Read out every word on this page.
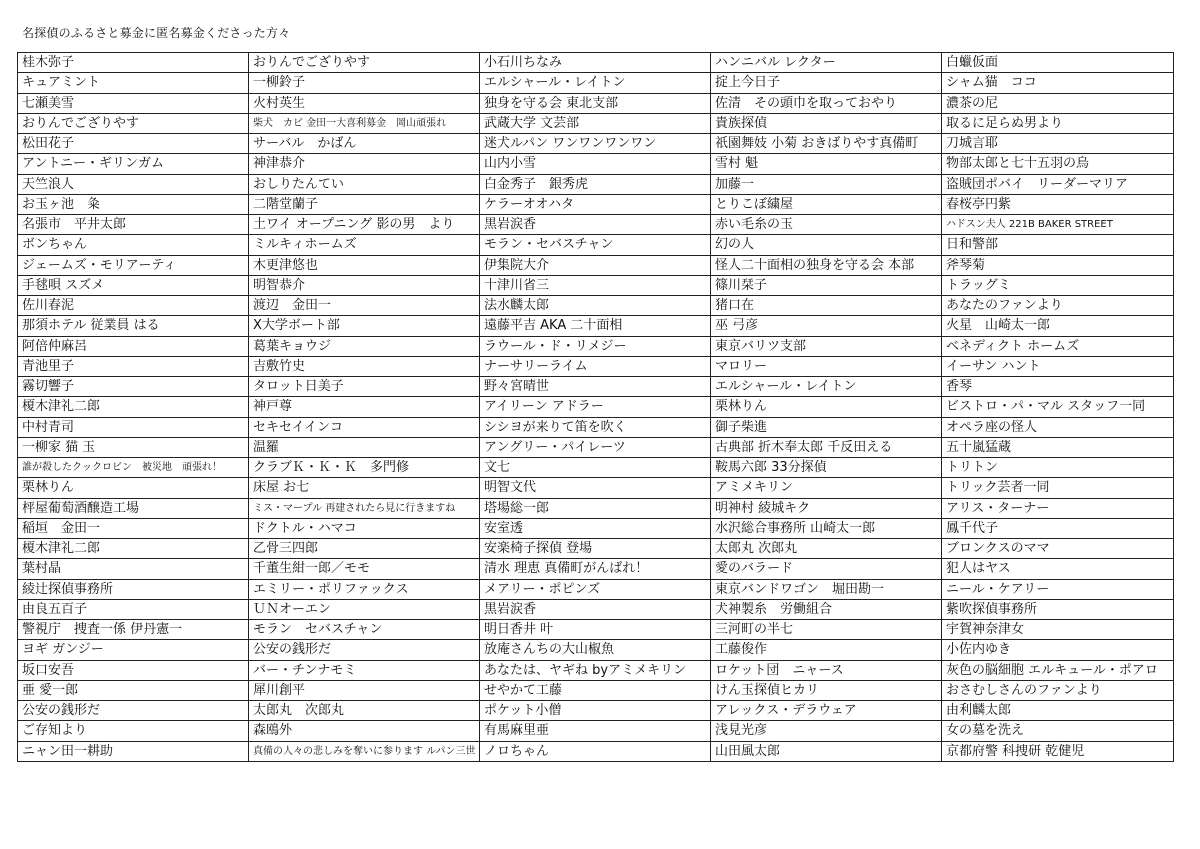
名探偵のふるさと募金に匿名募金くださった方々
桂木弥子	おりんでござりやす	小石川ちなみ	ハンニバル レクター	白蠟仮面
キュアミント	一柳鈴子	エルシャール・レイトン	掟上今日子	シャム猫　ココ
七瀬美雪	火村英生	独身を守る会 東北支部	佐清　その頭巾を取っておやり	濃茶の尼
おりんでござりやす	柴犬　カビ 金田一大喜利募金　岡山頑張れ	武蔵大学 文芸部	貴族探偵	取るに足らぬ男より
松田花子	サーバル　かばん	迷犬ルパン ワンワンワンワン	祇園舞妓 小菊 おきばりやす真備町	刀城言耶
アントニー・ギリンガム	神津恭介	山内小雪	雪村 魁	物部太郎と七十五羽の烏
天竺浪人	おしりたんてい	白金秀子　銀秀虎	加藤一	盗賊団ポバイ　リーダーマリア
お玉ヶ池　粂	二階堂蘭子	ケラーオオハタ	とりこぼ繍屋	春桜亭円紫
名張市　平井太郎	土ワイ オープニング 影の男　より	黒岩涙香	赤い毛糸の玉	ハドスン夫人 221B BAKER STREET
ボンちゃん	ミルキィホームズ	モラン・セバスチャン	幻の人	日和警部
ジェームズ・モリアーティ	木更津悠也	伊集院大介	怪人二十面相の独身を守る会 本部	斧琴菊
手毬唄 スズメ	明智恭介	十津川省三	篠川栞子	トラッグミ
佐川春泥	渡辺　金田一	法水麟太郎	猪口在	あなたのファンより
那須ホテル 従業員 はる	X大学ボート部	遠藤平吉 AKA 二十面相	巫 弓彦	火星　山崎太一郎
阿倍仲麻呂	葛葉キョウジ	ラウール・ド・リメジー	東京バリツ支部	ベネディクト ホームズ
青池里子	吉敷竹史	ナーサリーライム	マロリー	イーサン ハント
霧切響子	タロット日美子	野々宮晴世	エルシャール・レイトン	香琴
榎木津礼二郎	神戸尊	アイリーン アドラー	栗林りん	ビストロ・パ・マル スタッフ一同
中村青司	セキセイインコ	シシヨが来りて笛を吹く	御子柴進	オペラ座の怪人
一柳家 猫 玉	温羅	アングリー・パイレーツ	古典部 折木奉太郎 千反田える	五十嵐猛蔵
誰が殺したクックロビン　被災地　頑張れ！	クラブＫ・Ｋ・Ｋ　多門修	文七	鞍馬六郎 33分探偵	トリトン
栗林りん	床屋 お七	明智文代	アミメキリン	トリック芸者一同
枰屋葡萄酒醸造工場	ミス・マープル 再建されたら見に行きますね	塔場総一郎	明神村 綾城キク	アリス・ターナー
稲垣　金田一	ドクトル・ハマコ	安室透	水沢総合事務所 山崎太一郎	鳳千代子
榎木津礼二郎	乙骨三四郎	安楽椅子探偵 登場	太郎丸 次郎丸	ブロンクスのママ
葉村晶	千董生紺一郎／モモ	清水 理恵 真備町がんばれ！	愛のバラード	犯人はヤス
綾辻探偵事務所	エミリー・ポリファックス	メアリー・ポピンズ	東京バンドワゴン　堀田勘一	ニール・ケアリー
由良五百子	ＵＮオーエン	黒岩涙香	犬神製糸　労働組合	紫吹探偵事務所
警視庁　捜査一係 伊丹憲一	モラン　セバスチャン	明日香井 叶	三河町の半七	宇賀神奈津女
ヨギ ガンジー	公安の銭形だ	放庵さんちの大山椒魚	工藤俊作	小佐内ゆき
坂口安吾	バー・チンナモミ	あなたは、ヤギね byアミメキリン	ロケット団　ニャース	灰色の脳細胞 エルキュール・ポアロ
亜 愛一郎	犀川創平	せやかて工藤	けん玉探偵ヒカリ	おさむしさんのファンより
公安の銭形だ	太郎丸　次郎丸	ポケット小僧	アレックス・デラウェア	由利麟太郎
ご存知より	森鴎外	有馬麻里亜	浅見光彦	女の墓を洗え
ニャン田一耕助	真備の人々の悲しみを奪いに参ります ルパン三世	ノロちゃん	山田風太郎	京都府警 科捜研 乾健児
